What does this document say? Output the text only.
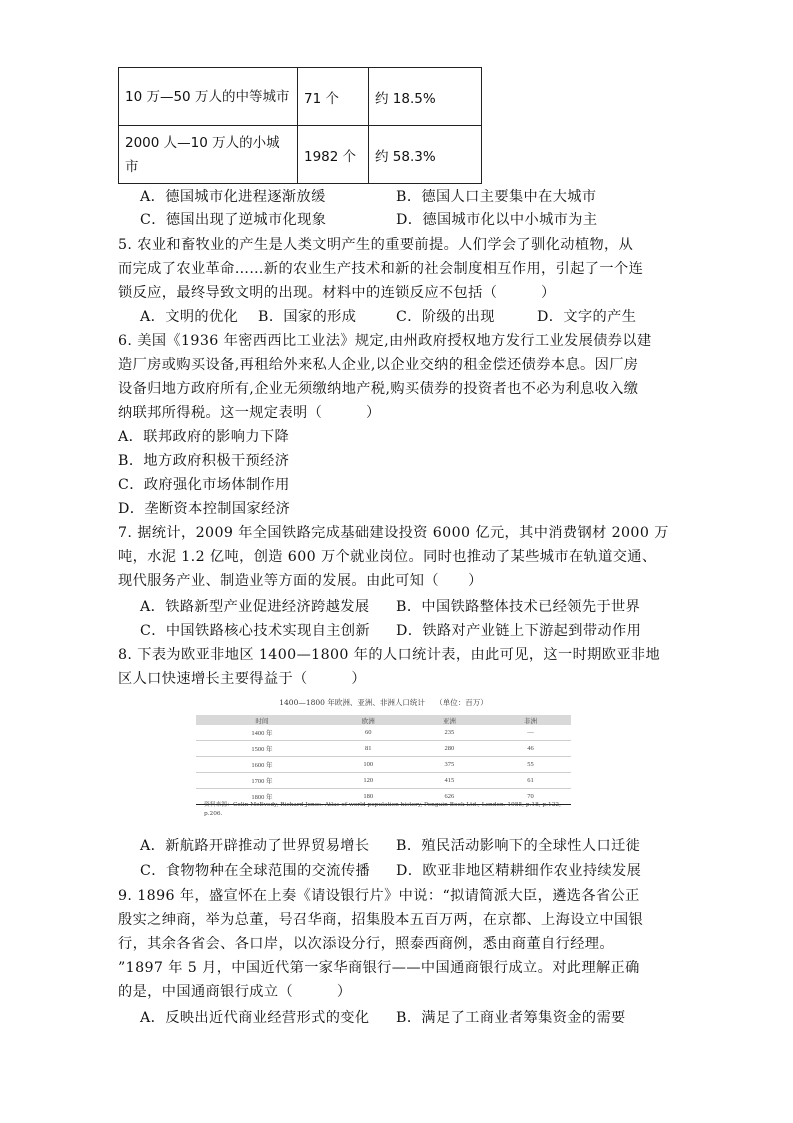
10 万—50 万人的中等城市	71 个	约 18.5%
2000 人—10 万人的小城市	1982 个	约 58.3%
A．德国城市化进程逐渐放缓	B．德国人口主要集中在大城市
C．德国出现了逆城市化现象	D．德国城市化以中小城市为主
5. 农业和畜牧业的产生是人类文明产生的重要前提。人们学会了驯化动植物，从
而完成了农业革命……新的农业生产技术和新的社会制度相互作用，引起了一个连
锁反应，最终导致文明的出现。材料中的连锁反应不包括（　　　）
A．文明的优化 B．国家的形成	C．阶级的出现	D．文字的产生
6. 美国《1936 年密西西比工业法》规定,由州政府授权地方发行工业发展债券以建
造厂房或购买设备,再租给外来私人企业,以企业交纳的租金偿还债券本息。因厂房
设备归地方政府所有,企业无须缴纳地产税,购买债券的投资者也不必为利息收入缴
纳联邦所得税。这一规定表明（　　　）
A．联邦政府的影响力下降
B．地方政府积极干预经济
C．政府强化市场体制作用
D．垄断资本控制国家经济
7. 据统计，2009 年全国铁路完成基础建设投资 6000 亿元，其中消费钢材 2000 万
吨，水泥 1.2 亿吨，创造 600 万个就业岗位。同时也推动了某些城市在轨道交通、
现代服务产业、制造业等方面的发展。由此可知（　　）
A．铁路新型产业促进经济跨越发展 B．中国铁路整体技术已经领先于世界
C．中国铁路核心技术实现自主创新 D．铁路对产业链上下游起到带动作用
8. 下表为欧亚非地区 1400—1800 年的人口统计表，由此可见，这一时期欧亚非地
区人口快速增长主要得益于（　　　）
1400—1800 年欧洲、亚洲、非洲人口统计 （单位：百万）
时间	欧洲	亚洲	非洲
1400 年	60	235	—
1500 年	81	280	46
1600 年	100	375	55
1700 年	120	415	61
1800 年	180	626	70
资料来源：Colin McEvedy, Richard Jones. Atlas of world population history, Penguin Book Ltd., London. 1985, p.18, p.122, p.206.
A．新航路开辟推动了世界贸易增长 B．殖民活动影响下的全球性人口迁徙
C．食物物种在全球范围的交流传播 D．欧亚非地区精耕细作农业持续发展
9. 1896 年，盛宣怀在上奏《请设银行片》中说：“拟请简派大臣，遴选各省公正
殷实之绅商，举为总董，号召华商，招集股本五百万两，在京都、上海设立中国银
行，其余各省会、各口岸，以次添设分行，照泰西商例，悉由商董自行经理。
”1897 年 5 月，中国近代第一家华商银行——中国通商银行成立。对此理解正确
的是，中国通商银行成立（　　　）
A．反映出近代商业经营形式的变化 B．满足了工商业者筹集资金的需要
